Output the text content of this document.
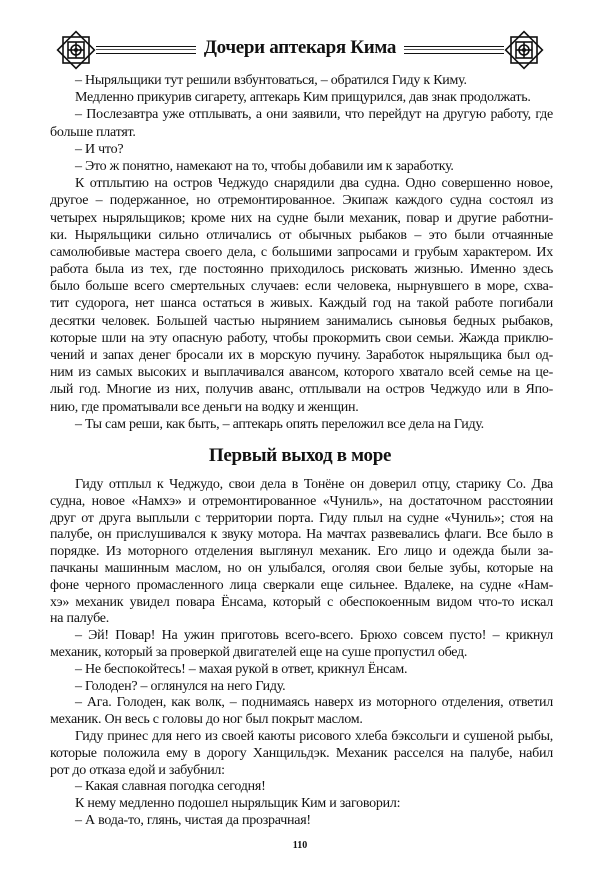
Дочери аптекаря Кима
– Ныряльщики тут решили взбунтоваться, – обратился Гиду к Киму.
Медленно прикурив сигарету, аптекарь Ким прищурился, дав знак продолжать.
– Послезавтра уже отплывать, а они заявили, что перейдут на другую работу, где
больше платят.
– И что?
– Это ж понятно, намекают на то, чтобы добавили им к заработку.
К отплытию на остров Чеджудо снарядили два судна. Одно совершенно новое,
другое – подержанное, но отремонтированное. Экипаж каждого судна состоял из
четырех ныряльщиков; кроме них на судне были механик, повар и другие работни-
ки. Ныряльщики сильно отличались от обычных рыбаков – это были отчаянные
самолюбивые мастера своего дела, с большими запросами и грубым характером. Их
работа была из тех, где постоянно приходилось рисковать жизнью. Именно здесь
было больше всего смертельных случаев: если человека, нырнувшего в море, схва-
тит судорога, нет шанса остаться в живых. Каждый год на такой работе погибали
десятки человек. Большей частью нырянием занимались сыновья бедных рыбаков,
которые шли на эту опасную работу, чтобы прокормить свои семьи. Жажда приклю-
чений и запах денег бросали их в морскую пучину. Заработок ныряльщика был од-
ним из самых высоких и выплачивался авансом, которого хватало всей семье на це-
лый год. Многие из них, получив аванс, отплывали на остров Чеджудо или в Япо-
нию, где проматывали все деньги на водку и женщин.
– Ты сам реши, как быть, – аптекарь опять переложил все дела на Гиду.
Первый выход в море
Гиду отплыл к Чеджудо, свои дела в Тонёне он доверил отцу, старику Со. Два
судна, новое «Намхэ» и отремонтированное «Чуниль», на достаточном расстоянии
друг от друга выплыли с территории порта. Гиду плыл на судне «Чуниль»; стоя на
палубе, он прислушивался к звуку мотора. На мачтах развевались флаги. Все было в
порядке. Из моторного отделения выглянул механик. Его лицо и одежда были за-
пачканы машинным маслом, но он улыбался, оголяя свои белые зубы, которые на
фоне черного промасленного лица сверкали еще сильнее. Вдалеке, на судне «Нам-
хэ» механик увидел повара Ёнсама, который с обеспокоенным видом что-то искал
на палубе.
– Эй! Повар! На ужин приготовь всего-всего. Брюхо совсем пусто! – крикнул
механик, который за проверкой двигателей еще на суше пропустил обед.
– Не беспокойтесь! – махая рукой в ответ, крикнул Ёнсам.
– Голоден? – оглянулся на него Гиду.
– Ага. Голоден, как волк, – поднимаясь наверх из моторного отделения, ответил
механик. Он весь с головы до ног был покрыт маслом.
Гиду принес для него из своей каюты рисового хлеба бэксольги и сушеной рыбы,
которые положила ему в дорогу Ханщильдэк. Механик расселся на палубе, набил
рот до отказа едой и забубнил:
– Какая славная погодка сегодня!
К нему медленно подошел ныряльщик Ким и заговорил:
– А вода-то, глянь, чистая да прозрачная!
110
